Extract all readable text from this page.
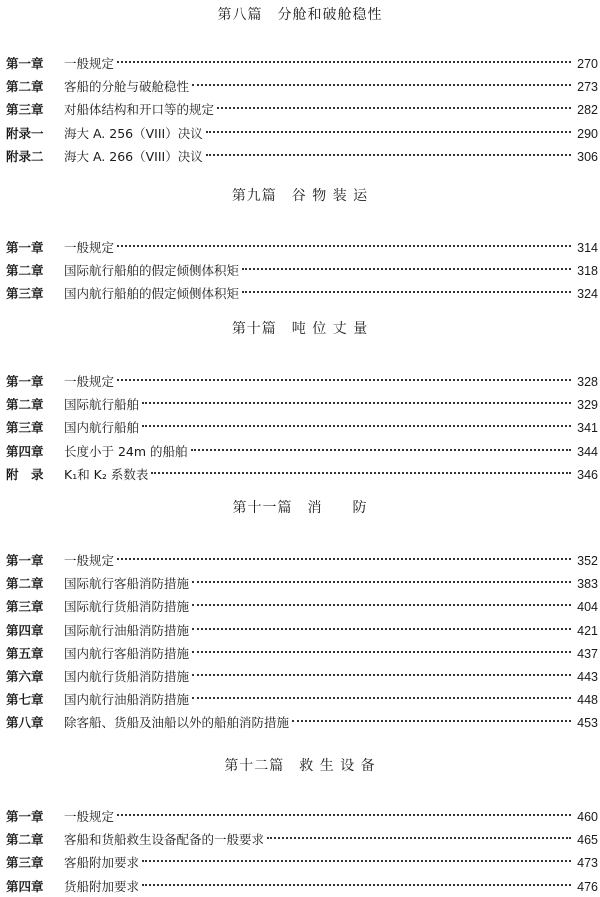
第八篇　分舱和破舱稳性
第一章	一般规定	270
第二章	客船的分舱与破舱稳性	273
第三章	对船体结构和开口等的规定	282
附录一	海大 A. 256（VIII）决议	290
附录二	海大 A. 266（VIII）决议	306
第九篇　谷 物 装 运
第一章	一般规定	314
第二章	国际航行船舶的假定倾侧体积矩	318
第三章	国内航行船舶的假定倾侧体积矩	324
第十篇　吨 位 丈 量
第一章	一般规定	328
第二章	国际航行船舶	329
第三章	国内航行船舶	341
第四章	长度小于 24m 的船舶	344
附　录	K₁和 K₂ 系数表	346
第十一篇　消　　防
第一章	一般规定	352
第二章	国际航行客船消防措施	383
第三章	国际航行货船消防措施	404
第四章	国际航行油船消防措施	421
第五章	国内航行客船消防措施	437
第六章	国内航行货船消防措施	443
第七章	国内航行油船消防措施	448
第八章	除客船、货船及油船以外的船舶消防措施	453
第十二篇　救 生 设 备
第一章	一般规定	460
第二章	客船和货船救生设备配备的一般要求	465
第三章	客船附加要求	473
第四章	货船附加要求	476
